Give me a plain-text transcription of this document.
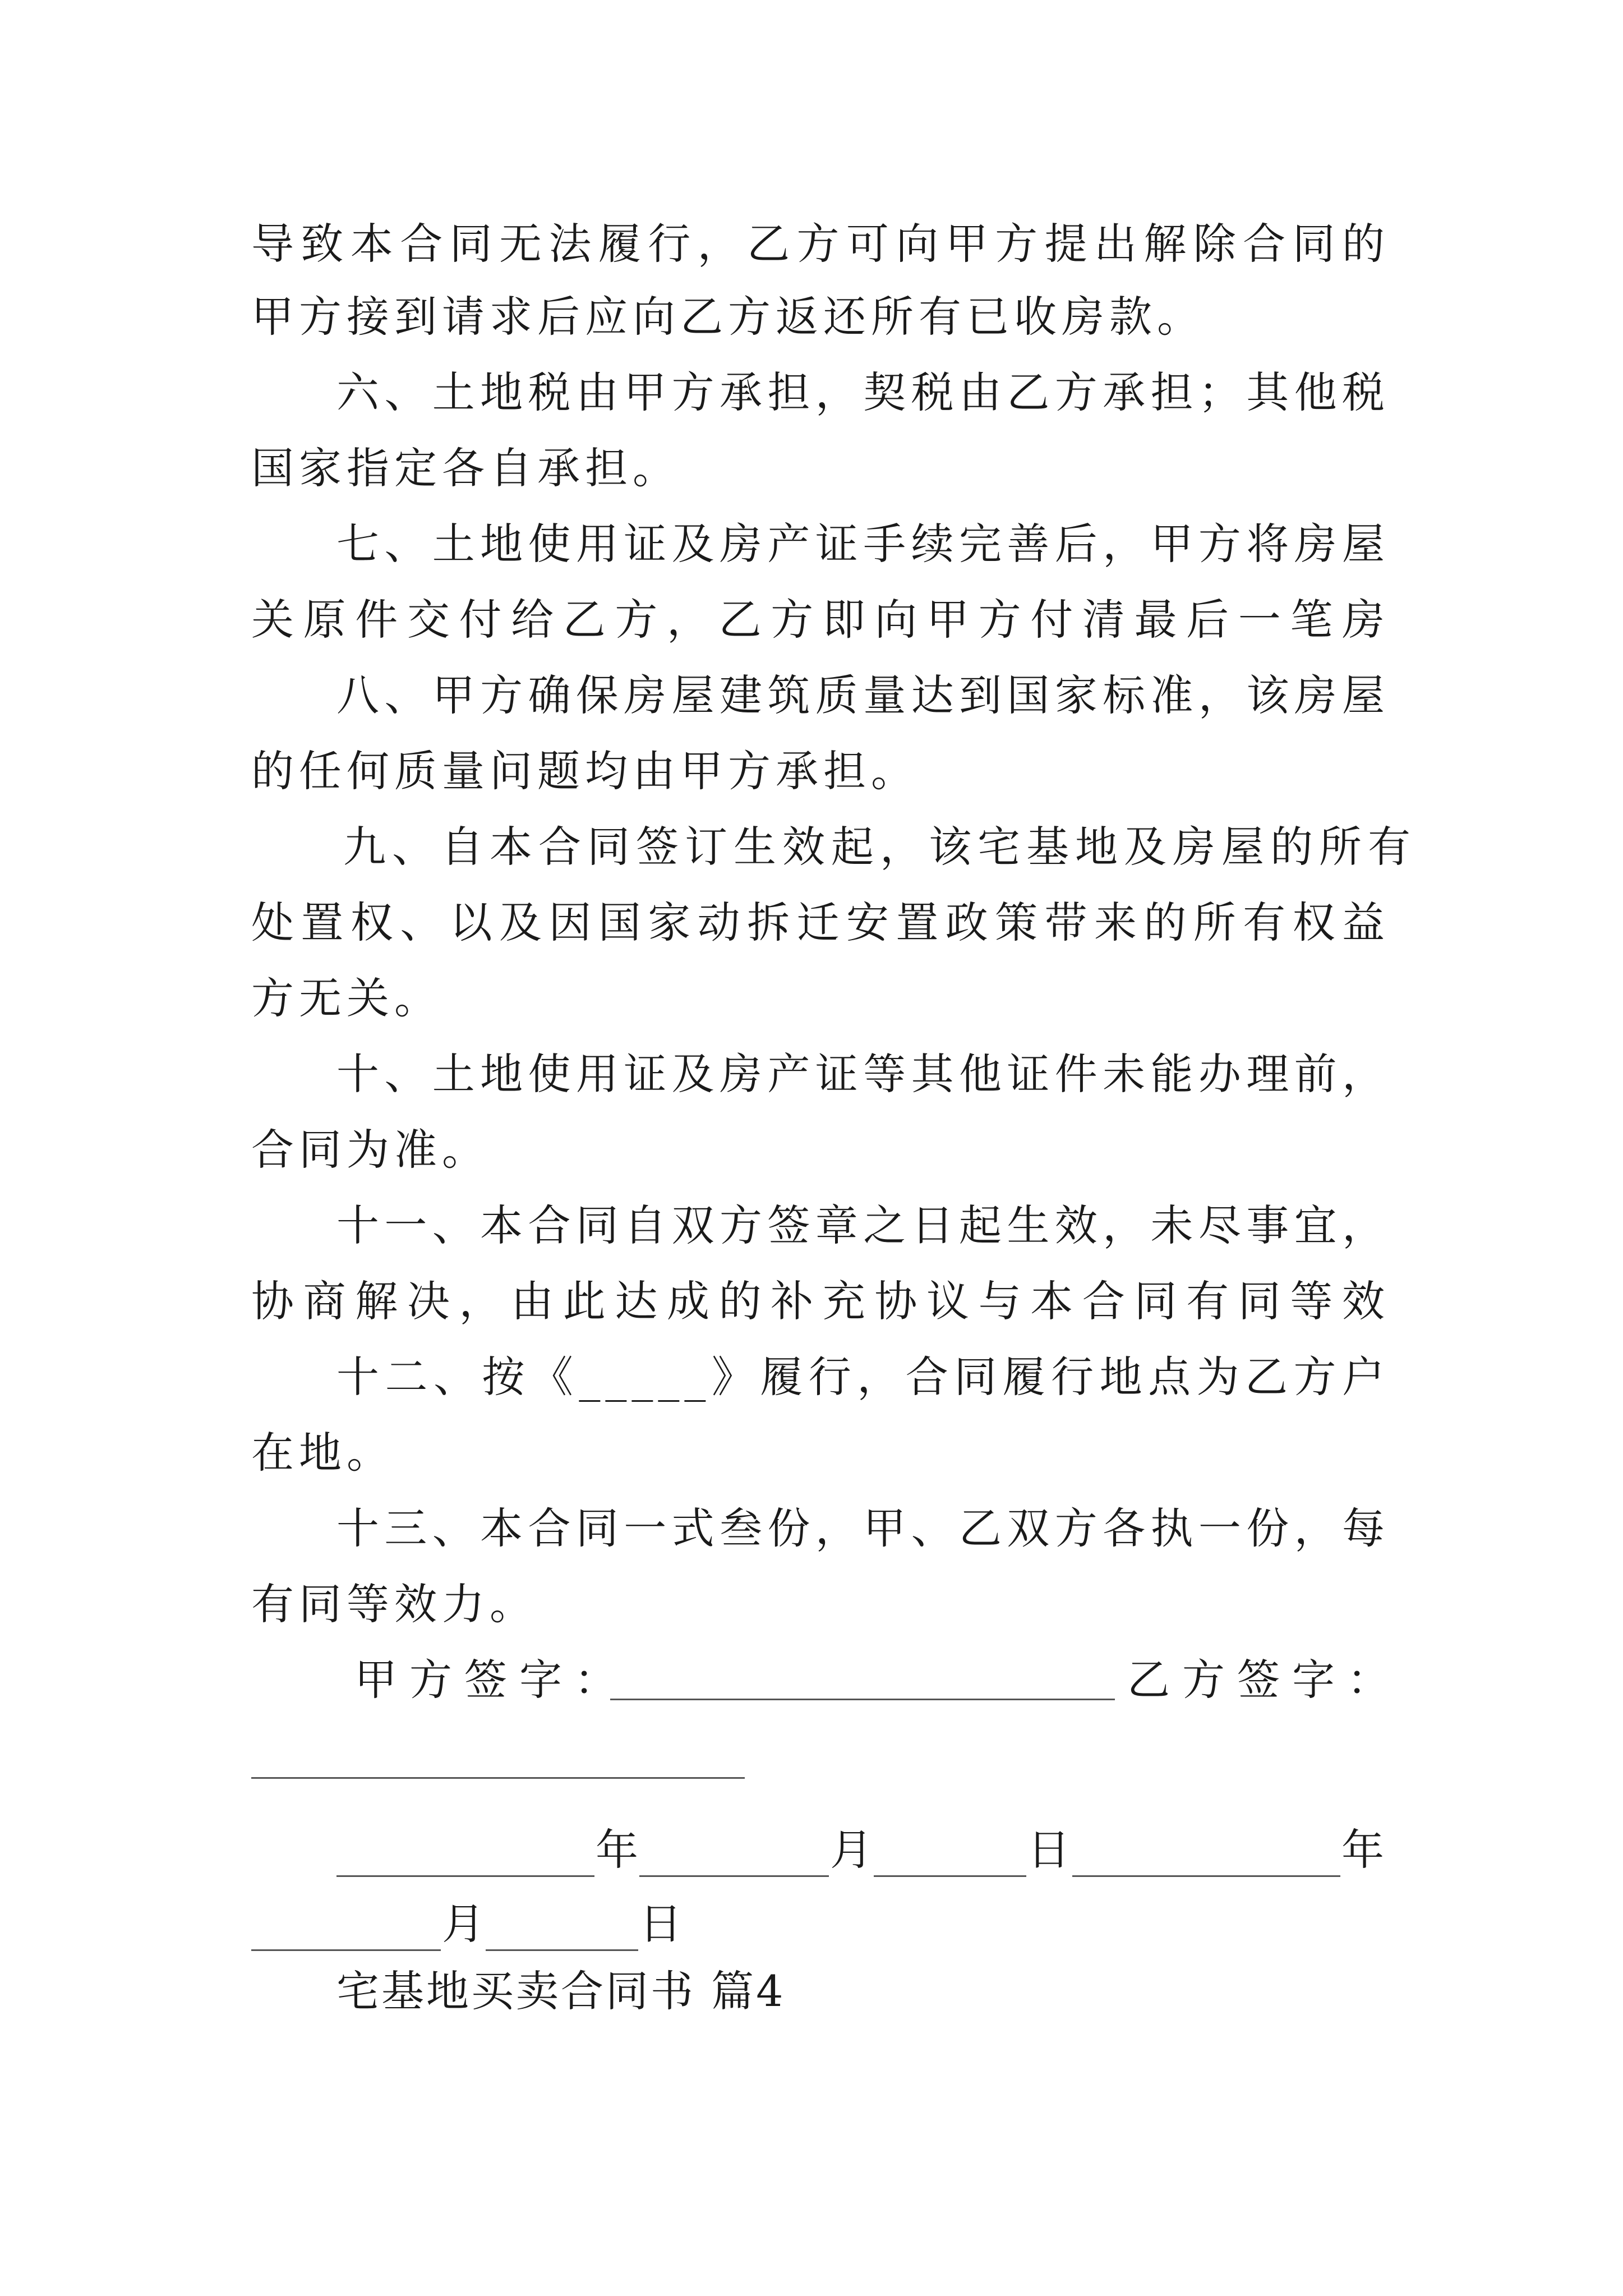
导致本合同无法履行，乙方可向甲方提出解除合同的
甲方接到请求后应向乙方返还所有已收房款。
六、土地税由甲方承担，契税由乙方承担；其他税
国家指定各自承担。
七、土地使用证及房产证手续完善后，甲方将房屋
关原件交付给乙方，乙方即向甲方付清最后一笔房
八、甲方确保房屋建筑质量达到国家标准，该房屋
的任何质量问题均由甲方承担。
九、自本合同签订生效起，该宅基地及房屋的所有
处置权、以及因国家动拆迁安置政策带来的所有权益
方无关。
十、土地使用证及房产证等其他证件未能办理前，
合同为准。
十一、本合同自双方签章之日起生效，未尽事宜，
协商解决，由此达成的补充协议与本合同有同等效
十二、按《_____》履行，合同履行地点为乙方户
在地。
十三、本合同一式叁份，甲、乙双方各执一份，每
有同等效力。
甲方签字：	乙方签字：
年	月	日	年
月	日
宅基地买卖合同书 篇4
